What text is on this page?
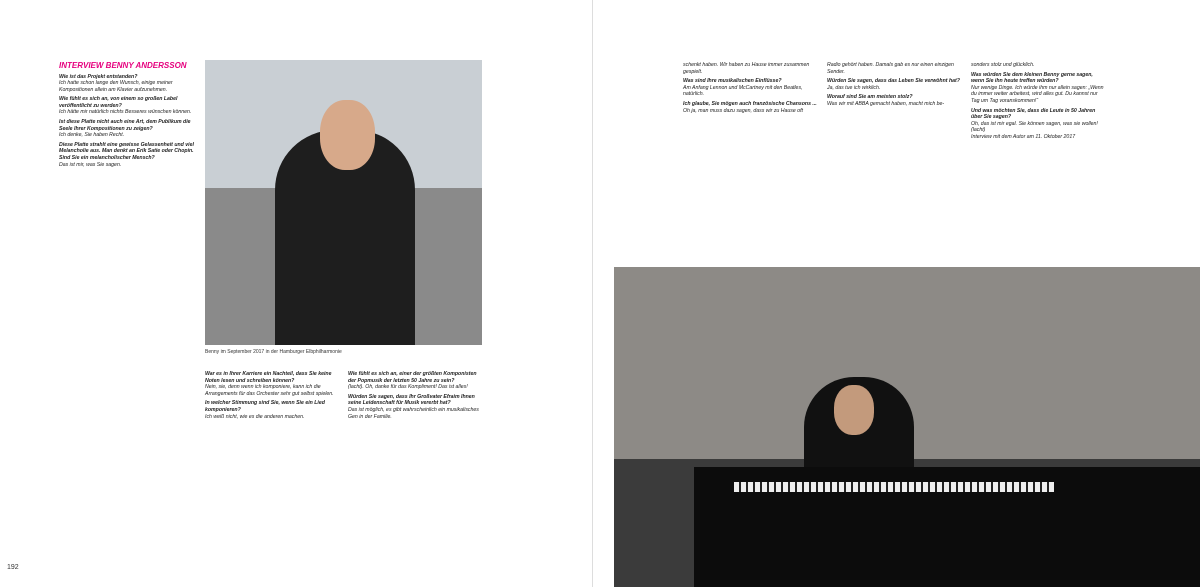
INTERVIEW BENNY ANDERSSON
Wie ist das Projekt entstanden?
Ich hatte schon lange den Wunsch, einige meiner Kompositionen allein am Klavier aufzunehmen.
Wie fühlt es sich an, von einem so großen Label veröffentlicht zu werden?
Ich hätte mir natürlich nichts Besseres wünschen können.
Ist diese Platte nicht auch eine Art, dem Publikum die Seele Ihrer Kompositionen zu zeigen?
Ich denke, Sie haben Recht.
Diese Platte strahlt eine gewisse Gelassenheit und viel Melancholie aus. Man denkt an Erik Satie oder Chopin. Sind Sie ein melancholischer Mensch?
Das ist mir, was Sie sagen.
Benny im September 2017 in der Hamburger Elbphilharmonie
War es in Ihrer Karriere ein Nachteil, dass Sie keine Noten lesen und schreiben können?
Nein, sie, denn wenn ich komponiere, kann ich die Arrangements für das Orchester sehr gut selbst spielen.
In welcher Stimmung sind Sie, wenn Sie ein Lied komponieren?
Ich weiß nicht, wie es die anderen machen.
Wie fühlt es sich an, einer der größten Komponisten der Popmusik der letzten 50 Jahre zu sein?
(lacht). Oh, danke für das Kompliment! Das ist alles!
Würden Sie sagen, dass Ihr Großvater Efraim Ihnen seine Leidenschaft für Musik vererbt hat?
Das ist möglich, es gibt wahrscheinlich ein musikalisches Gen in der Familie.
192
schenkt haben. Wir haben zu Hause immer zusammen gespielt.
Was sind Ihre musikalischen Einflüsse?
Am Anfang Lennon und McCartney mit den Beatles, natürlich.
Ich glaube, Sie mögen auch französische Chansons ...
Oh ja, man muss dazu sagen, dass wir zu Hause oft
Radio gehört haben. Damals gab es nur einen einzigen Sender.
Würden Sie sagen, dass das Leben Sie verwöhnt hat?
Ja, das tue ich wirklich.
Worauf sind Sie am meisten stolz?
Was wir mit ABBA gemacht haben, macht mich be-
sonders stolz und glücklich.
Was würden Sie dem kleinen Benny gerne sagen, wenn Sie ihn heute treffen würden?
Nur wenige Dinge. Ich würde ihm nur allein sagen: „Wenn du immer weiter arbeitest, wird alles gut. Du kannst nur Tag um Tag voranskommen!“
Und was möchten Sie, dass die Leute in 50 Jahren über Sie sagen?
Oh, das ist mir egal. Sie können sagen, was sie wollen! (lacht)
Interview mit dem Autor am 11. Oktober 2017
